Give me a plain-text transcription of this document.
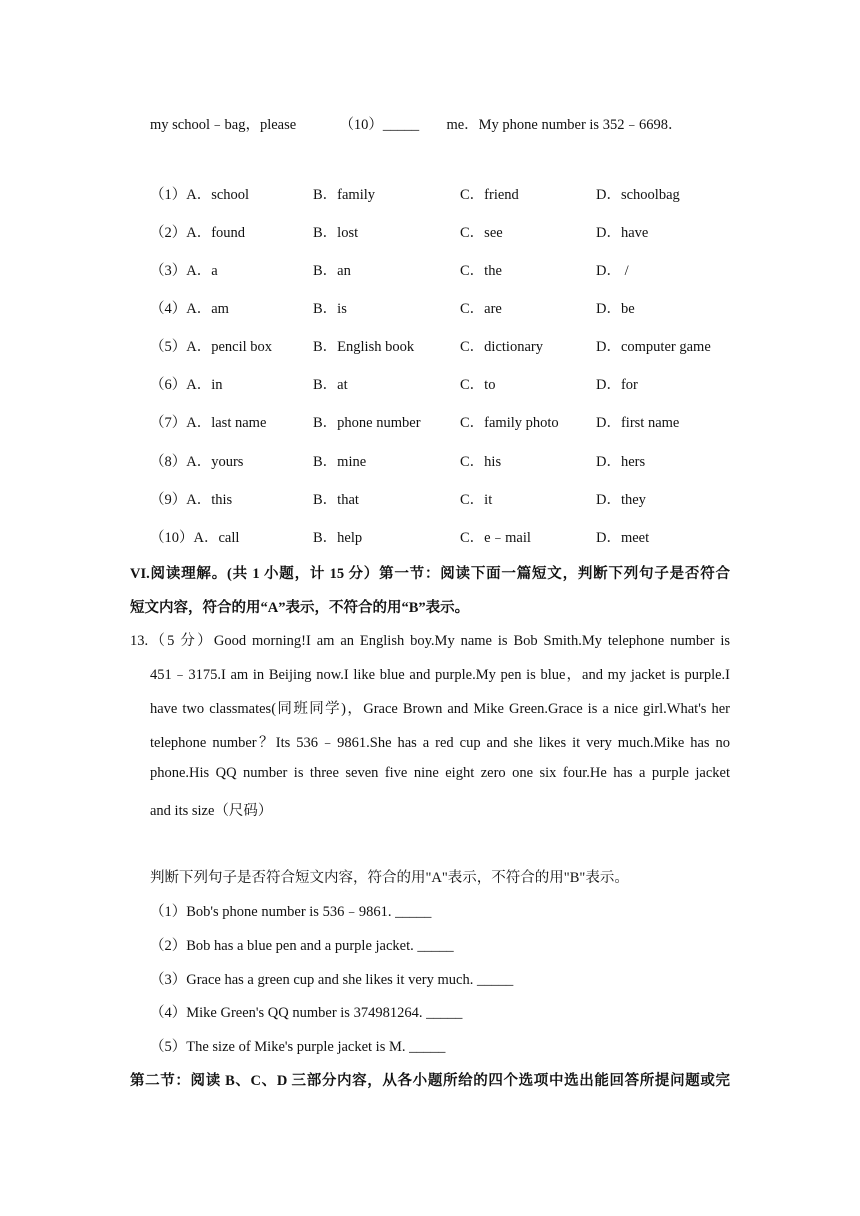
my school﹣bag，please	（10）_____ me．My phone number is 352﹣6698．
（1）A．school	B．family	C．friend	D．schoolbag
（2）A．found	B．lost	C．see	D．have
（3）A．a	B．an	C．the	D． /
（4）A．am	B．is	C．are	D．be
（5）A．pencil box	B．English book	C．dictionary	D．computer game
（6）A．in	B．at	C．to	D．for
（7）A．last name	B．phone number	C．family photo	D．first name
（8）A．yours	B．mine	C．his	D．hers
（9）A．this	B．that	C．it	D．they
（10）A．call	B．help	C．e﹣mail	D．meet
VI.阅读理解。(共 1 小题，计 15 分）第一节：阅读下面一篇短文，判断下列句子是否符合
短文内容，符合的用“A”表示，不符合的用“B”表示。
13.（5 分）Good morning!I am an English boy.My name is Bob Smith.My telephone number is
451﹣3175.I am in Beijing now.I like blue and purple.My pen is blue，and my jacket is purple.I
have two classmates(同班同学)，Grace Brown and Mike Green.Grace is a nice girl.What's her
telephone number？Its 536﹣9861.She has a red cup and she likes it very much.Mike has no
phone.His QQ number is three seven five nine eight zero one six four.He has a purple jacket
and its size（尺码）
判断下列句子是否符合短文内容，符合的用"A"表示，不符合的用"B"表示。
（1）Bob's phone number is 536﹣9861. _____
（2）Bob has a blue pen and a purple jacket. _____
（3）Grace has a green cup and she likes it very much. _____
（4）Mike Green's QQ number is 374981264. _____
（5）The size of Mike's purple jacket is M. _____
第二节：阅读 B、C、D 三部分内容，从各小题所给的四个选项中选出能回答所提问题或完
